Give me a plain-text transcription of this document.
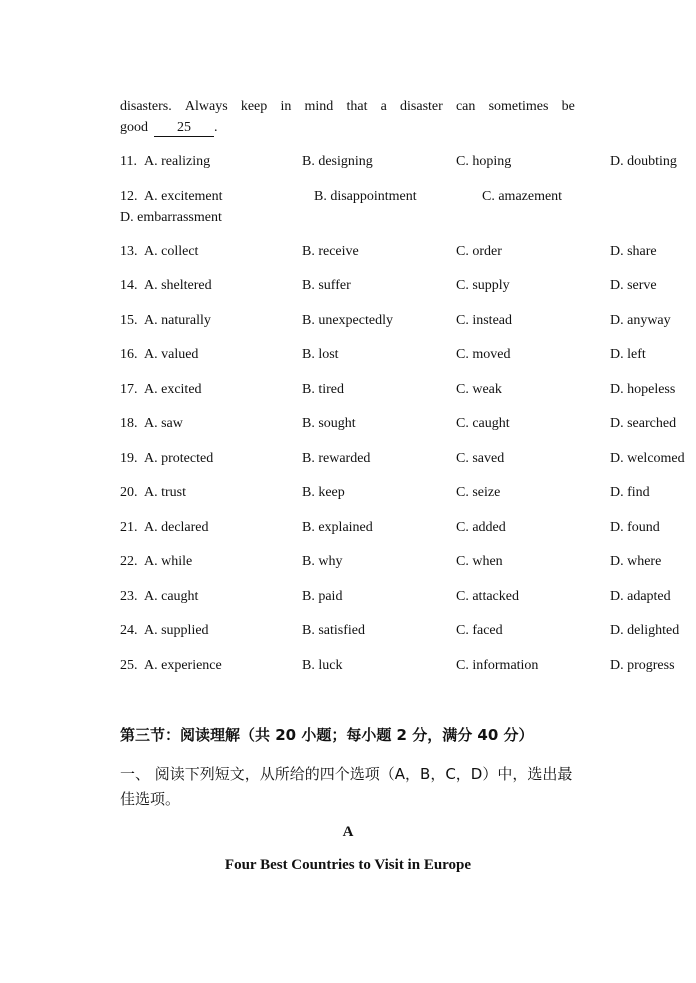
disasters. Always keep in mind that a disaster can sometimes be
good 25 .
11. A. realizing	B. designing	C. hoping	D. doubting
12. A. excitement	B. disappointment	C. amazement
D. embarrassment
13. A. collect	B. receive	C. order	D. share
14. A. sheltered	B. suffer	C. supply	D. serve
15. A. naturally	B. unexpectedly	C. instead	D. anyway
16. A. valued	B. lost	C. moved	D. left
17. A. excited	B. tired	C. weak	D. hopeless
18. A. saw	B. sought	C. caught	D. searched
19. A. protected	B. rewarded	C. saved	D. welcomed
20. A. trust	B. keep	C. seize	D. find
21. A. declared	B. explained	C. added	D. found
22. A. while	B. why	C. when	D. where
23. A. caught	B. paid	C. attacked	D. adapted
24. A. supplied	B. satisfied	C. faced	D. delighted
25. A. experience	B. luck	C. information	D. progress
第三节：阅读理解（共 20 小题；每小题 2 分，满分 40 分）
一、 阅读下列短文，从所给的四个选项（A，B，C，D）中，选出最佳选项。
A
Four Best Countries to Visit in Europe
